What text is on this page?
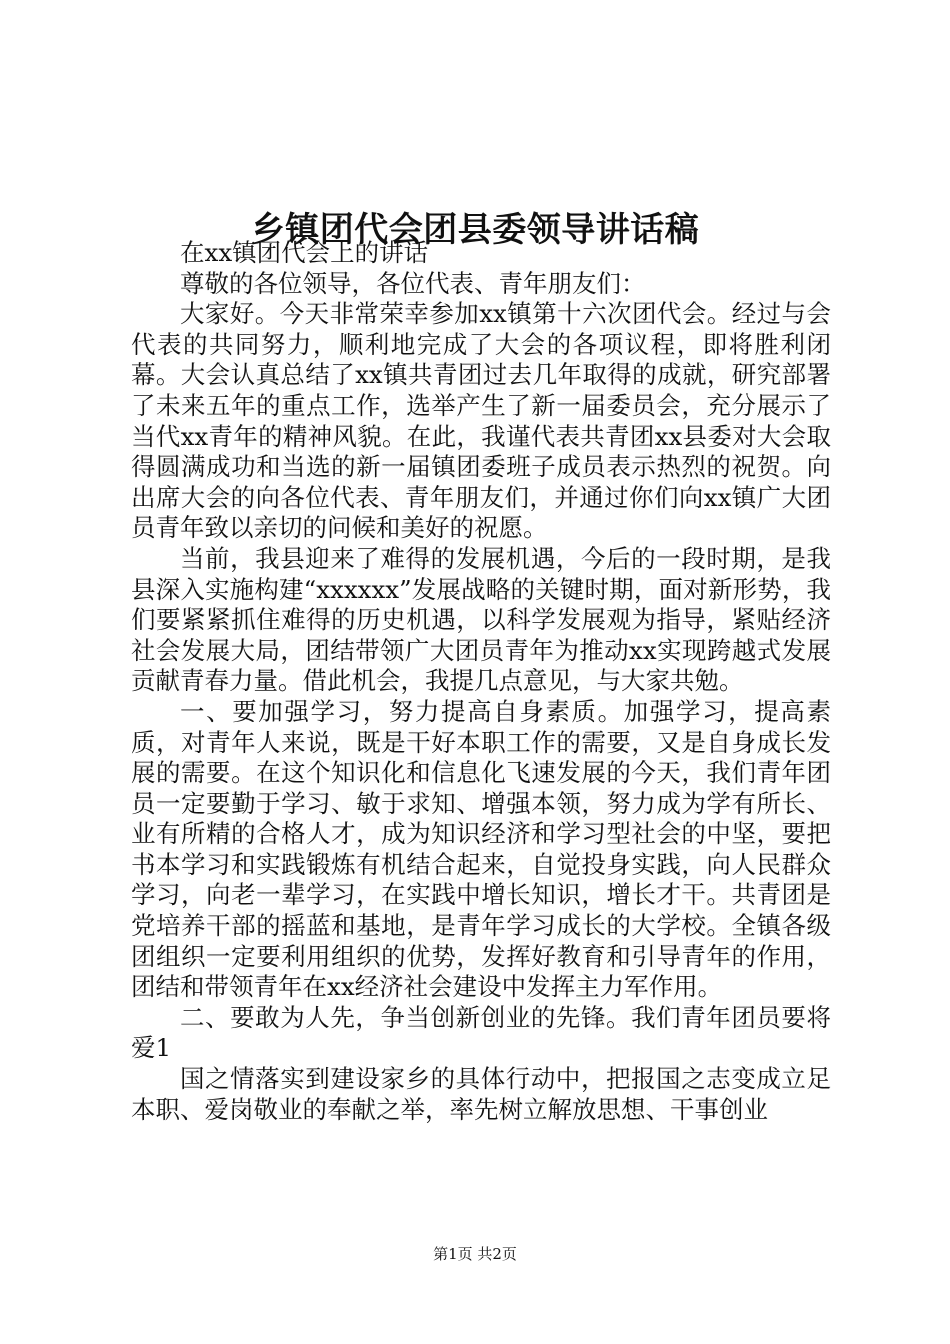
乡镇团代会团县委领导讲话稿

在xx镇团代会上的讲话

尊敬的各位领导，各位代表、青年朋友们：

大家好。今天非常荣幸参加xx镇第十六次团代会。经过与会代表的共同努力，顺利地完成了大会的各项议程，即将胜利闭幕。大会认真总结了xx镇共青团过去几年取得的成就，研究部署了未来五年的重点工作，选举产生了新一届委员会，充分展示了当代xx青年的精神风貌。在此，我谨代表共青团xx县委对大会取得圆满成功和当选的新一届镇团委班子成员表示热烈的祝贺。向出席大会的向各位代表、青年朋友们，并通过你们向xx镇广大团员青年致以亲切的问候和美好的祝愿。

当前，我县迎来了难得的发展机遇，今后的一段时期，是我县深入实施构建“xxxxxx”发展战略的关键时期，面对新形势，我们要紧紧抓住难得的历史机遇，以科学发展观为指导，紧贴经济社会发展大局，团结带领广大团员青年为推动xx实现跨越式发展贡献青春力量。借此机会，我提几点意见，与大家共勉。

一、要加强学习，努力提高自身素质。加强学习，提高素质，对青年人来说，既是干好本职工作的需要，又是自身成长发展的需要。在这个知识化和信息化飞速发展的今天，我们青年团员一定要勤于学习、敏于求知、增强本领，努力成为学有所长、业有所精的合格人才，成为知识经济和学习型社会的中坚，要把书本学习和实践锻炼有机结合起来，自觉投身实践，向人民群众学习，向老一辈学习，在实践中增长知识，增长才干。共青团是党培养干部的摇蓝和基地，是青年学习成长的大学校。全镇各级团组织一定要利用组织的优势，发挥好教育和引导青年的作用，团结和带领青年在xx经济社会建设中发挥主力军作用。

二、要敢为人先，争当创新创业的先锋。我们青年团员要将爱1

国之情落实到建设家乡的具体行动中，把报国之志变成立足本职、爱岗敬业的奉献之举，率先树立解放思想、干事创业

第1页 共2页
